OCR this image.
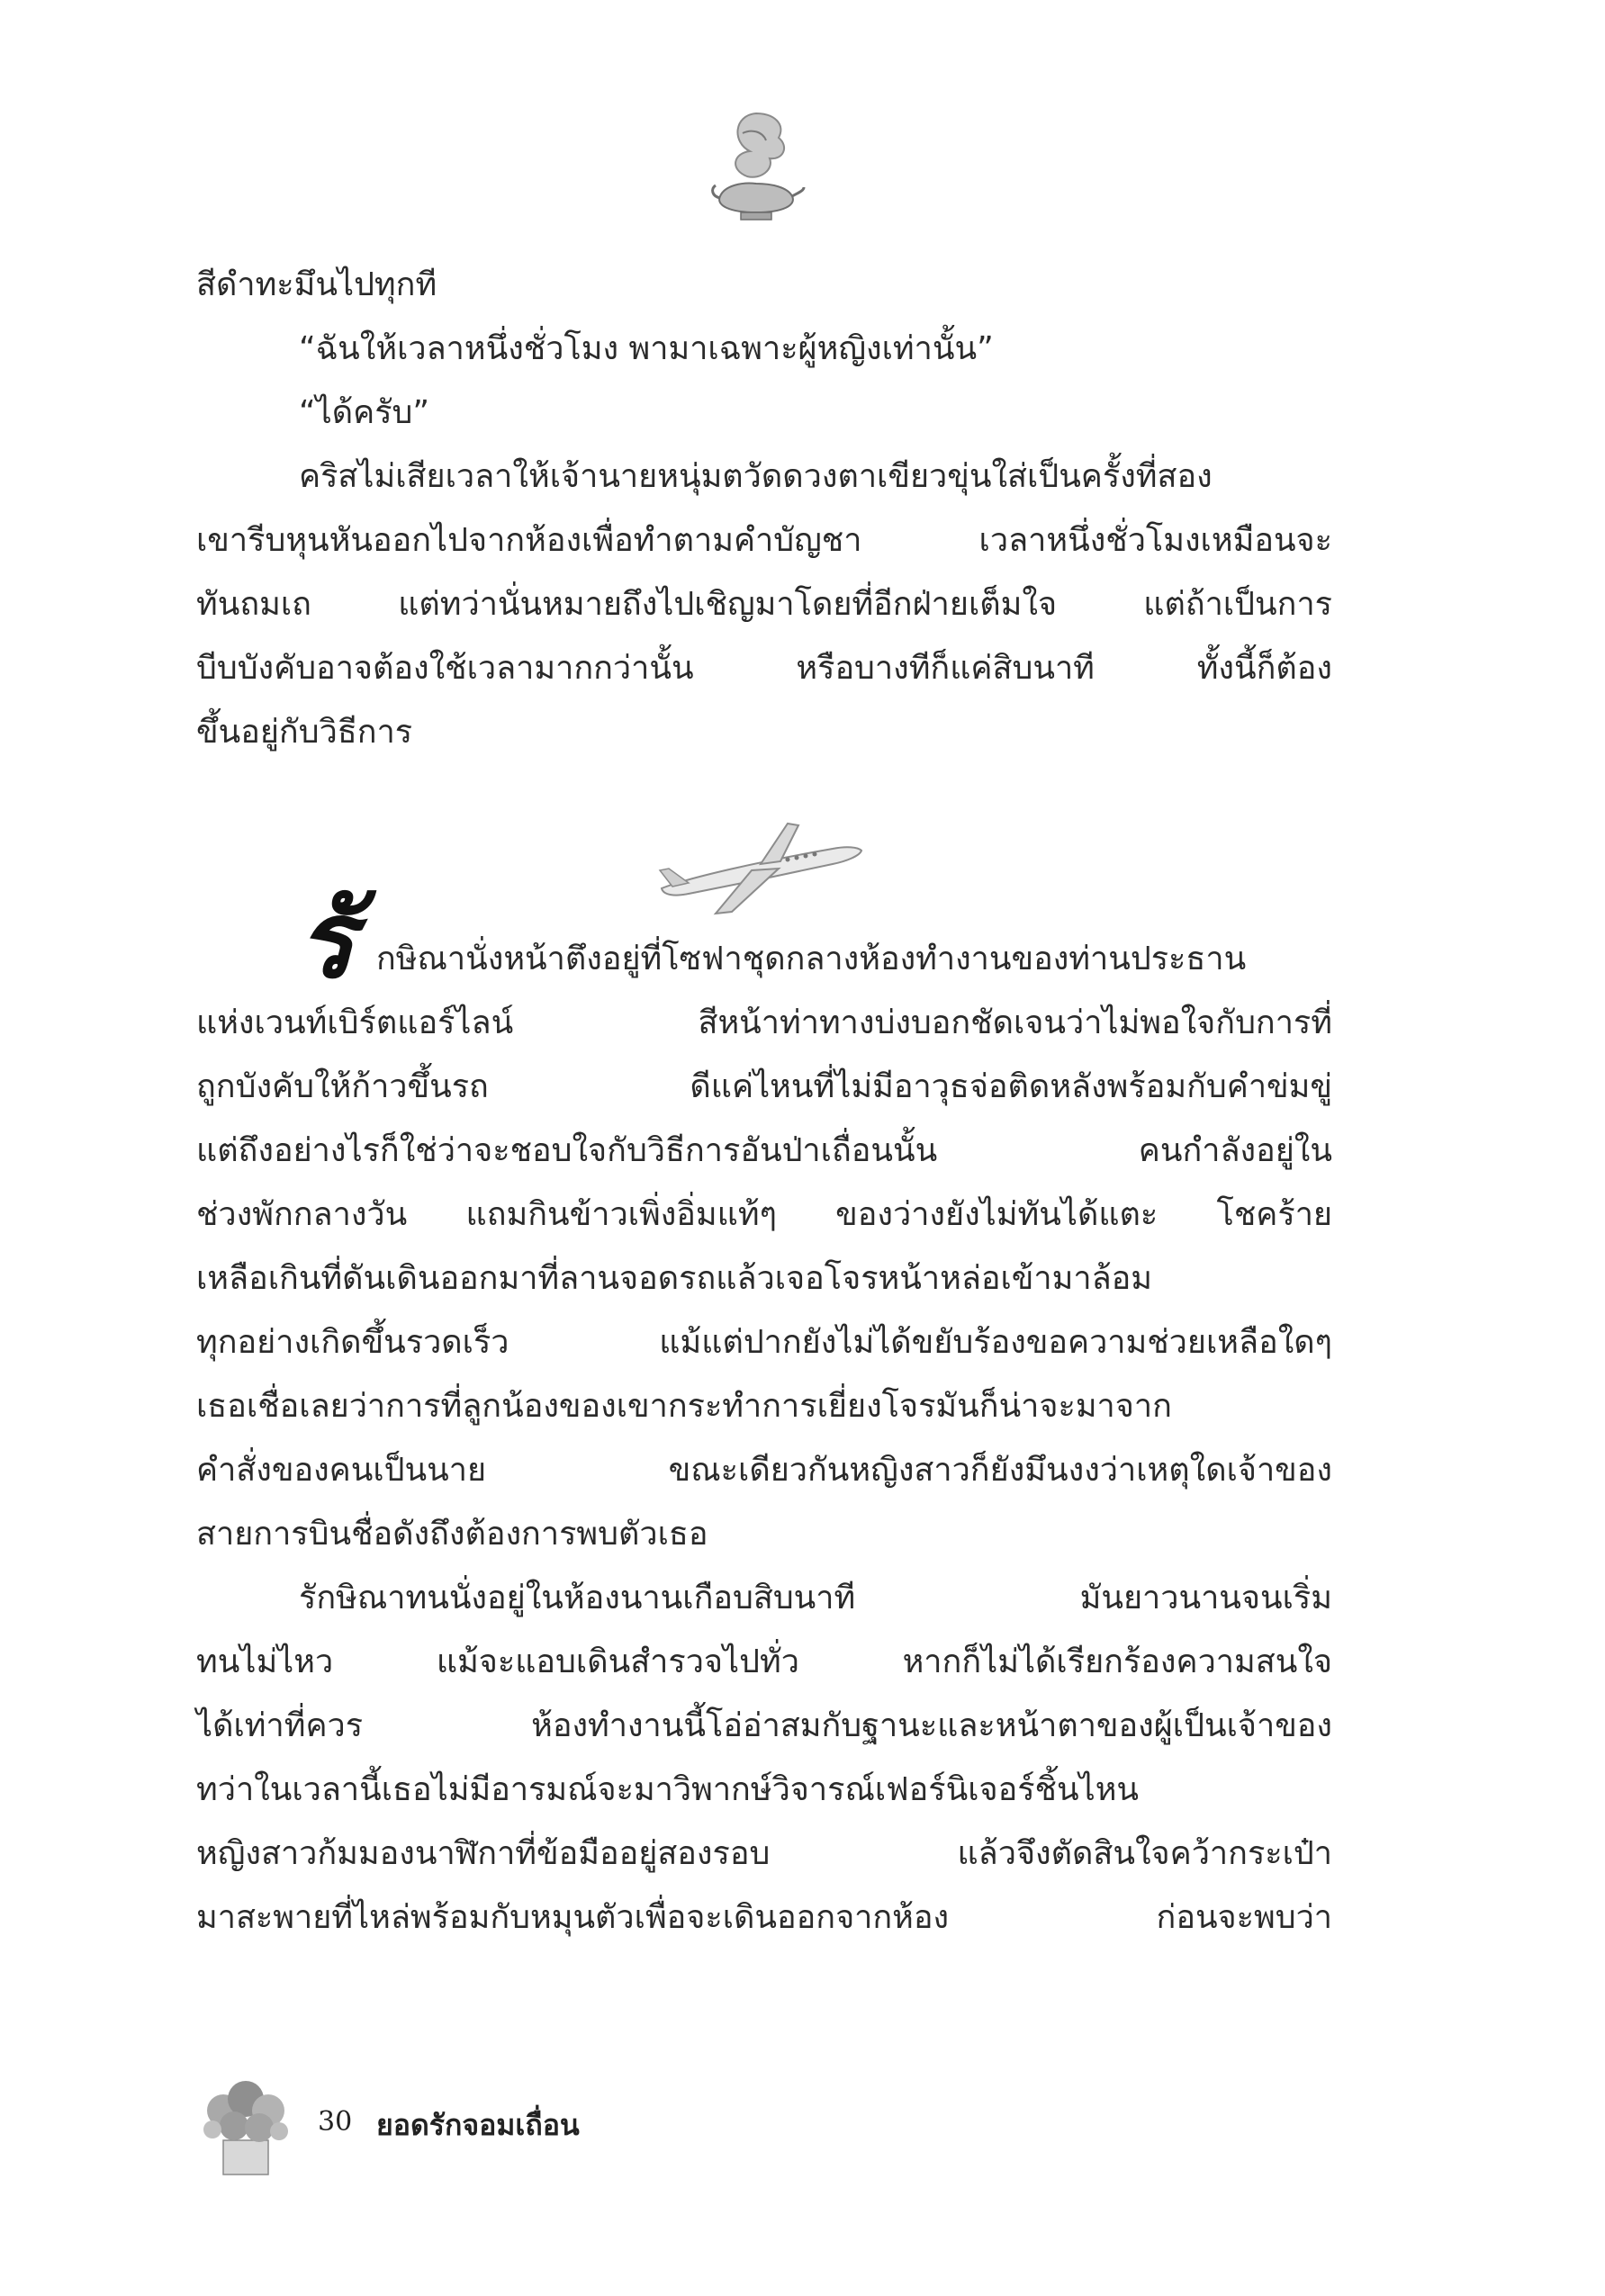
สีดำทะมึนไปทุกที
“ฉันให้เวลาหนึ่งชั่วโมง พามาเฉพาะผู้หญิงเท่านั้น”
“ได้ครับ”
คริสไม่เสียเวลาให้เจ้านายหนุ่มตวัดดวงตาเขียวขุ่นใส่เป็นครั้งที่สอง
เขารีบหุนหันออกไปจากห้องเพื่อทำตามคำบัญชา เวลาหนึ่งชั่วโมงเหมือนจะ
ทันถมเถ แต่ทว่านั่นหมายถึงไปเชิญมาโดยที่อีกฝ่ายเต็มใจ แต่ถ้าเป็นการ
บีบบังคับอาจต้องใช้เวลามากกว่านั้น หรือบางทีก็แค่สิบนาที ทั้งนี้ก็ต้อง
ขึ้นอยู่กับวิธีการ
รั กษิณานั่งหน้าตึงอยู่ที่โซฟาชุดกลางห้องทำงานของท่านประธาน
แห่งเวนท์เบิร์ตแอร์ไลน์ สีหน้าท่าทางบ่งบอกชัดเจนว่าไม่พอใจกับการที่
ถูกบังคับให้ก้าวขึ้นรถ ดีแค่ไหนที่ไม่มีอาวุธจ่อติดหลังพร้อมกับคำข่มขู่
แต่ถึงอย่างไรก็ใช่ว่าจะชอบใจกับวิธีการอันป่าเถื่อนนั้น คนกำลังอยู่ใน
ช่วงพักกลางวัน แถมกินข้าวเพิ่งอิ่มแท้ๆ ของว่างยังไม่ทันได้แตะ โชคร้าย
เหลือเกินที่ดันเดินออกมาที่ลานจอดรถแล้วเจอโจรหน้าหล่อเข้ามาล้อม
ทุกอย่างเกิดขึ้นรวดเร็ว แม้แต่ปากยังไม่ได้ขยับร้องขอความช่วยเหลือใดๆ
เธอเชื่อเลยว่าการที่ลูกน้องของเขากระทำการเยี่ยงโจรมันก็น่าจะมาจาก
คำสั่งของคนเป็นนาย ขณะเดียวกันหญิงสาวก็ยังมึนงงว่าเหตุใดเจ้าของ
สายการบินชื่อดังถึงต้องการพบตัวเธอ
รักษิณาทนนั่งอยู่ในห้องนานเกือบสิบนาที มันยาวนานจนเริ่ม
ทนไม่ไหว แม้จะแอบเดินสำรวจไปทั่ว หากก็ไม่ได้เรียกร้องความสนใจ
ได้เท่าที่ควร ห้องทำงานนี้โอ่อ่าสมกับฐานะและหน้าตาของผู้เป็นเจ้าของ
ทว่าในเวลานี้เธอไม่มีอารมณ์จะมาวิพากษ์วิจารณ์เฟอร์นิเจอร์ชิ้นไหน
หญิงสาวก้มมองนาฬิกาที่ข้อมืออยู่สองรอบ แล้วจึงตัดสินใจคว้ากระเป๋า
มาสะพายที่ไหล่พร้อมกับหมุนตัวเพื่อจะเดินออกจากห้อง ก่อนจะพบว่า
30 ยอดรักจอมเถื่อน
